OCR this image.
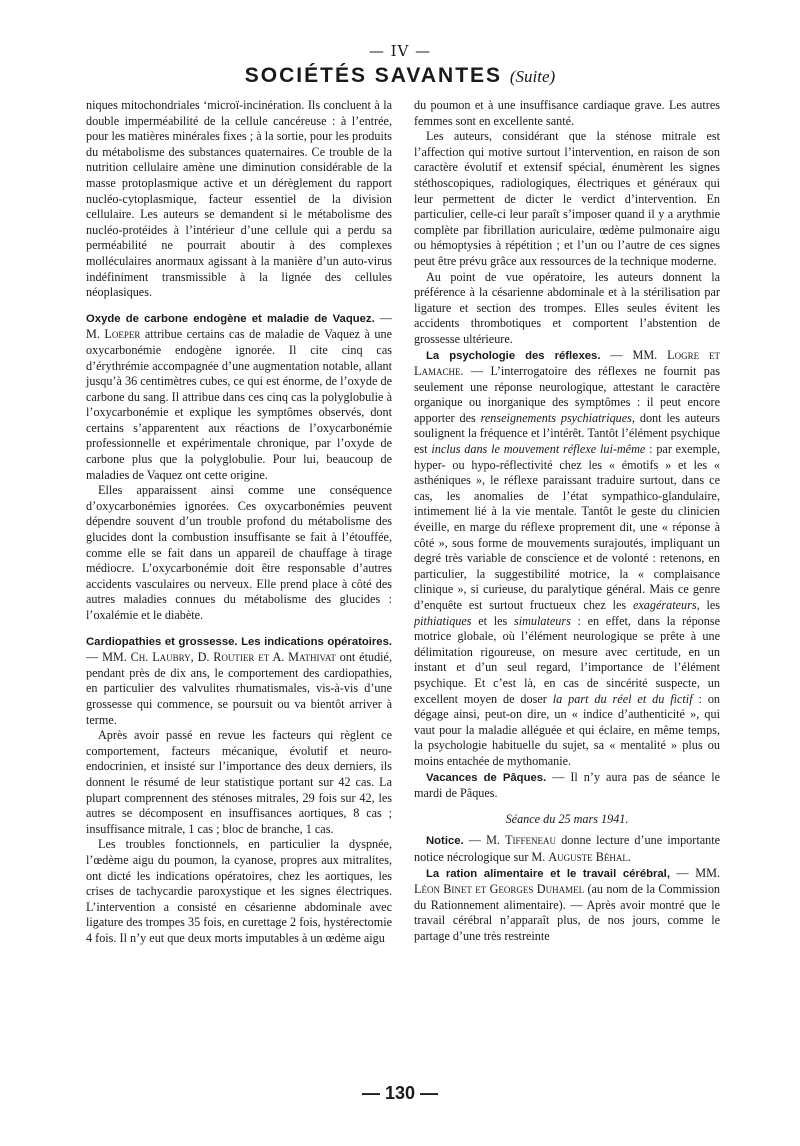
— IV —
SOCIÉTÉS SAVANTES (Suite)

niques mitochondriales ‘microï-incinération. Ils concluent à la double imperméabilité de la cellule cancéreuse : à l’entrée, pour les matières minérales fixes ; à la sortie, pour les produits du métabolisme des substances quaternaires. Ce trouble de la nutrition cellulaire amène une diminution considérable de la masse protoplasmique active et un dérèglement du rapport nucléo-cytoplasmique, facteur essentiel de la division cellulaire. Les auteurs se demandent si le métabolisme des nucléo-protéides à l’intérieur d’une cellule qui a perdu sa perméabilité ne pourrait aboutir à des complexes molléculaires anormaux agissant à la manière d’un auto-virus indéfiniment transmissible à la lignée des cellules néoplasiques.

Oxyde de carbone endogène et maladie de Vaquez. — M. Loeper attribue certains cas de maladie de Vaquez à une oxycarbonémie endogène ignorée. Il cite cinq cas d’érythrémie accompagnée d’une augmentation notable, allant jusqu’à 36 centimètres cubes, ce qui est énorme, de l’oxyde de carbone du sang. Il attribue dans ces cinq cas la polyglobulie à l’oxycarbonémie et explique les symptômes observés, dont certains s’apparentent aux réactions de l’oxycarbonémie professionnelle et expérimentale chronique, par l’oxyde de carbone plus que la polyglobulie. Pour lui, beaucoup de maladies de Vaquez ont cette origine.

Elles apparaissent ainsi comme une conséquence d’oxycarbonémies ignorées. Ces oxycarbonémies peuvent dépendre souvent d’un trouble profond du métabolisme des glucides dont la combustion insuffisante se fait à l’étouffée, comme elle se fait dans un appareil de chauffage à tirage médiocre. L’oxycarbonémie doit être responsable d’autres accidents vasculaires ou nerveux. Elle prend place à côté des autres maladies connues du métabolisme des glucides : l’oxalémie et le diabète.

Cardiopathies et grossesse. Les indications opératoires. — MM. Ch. Laubry, D. Routier et A. Mathivat ont étudié, pendant près de dix ans, le comportement des cardiopathies, en particulier des valvulites rhumatismales, vis-à-vis d’une grossesse qui commence, se poursuit ou va bientôt arriver à terme.

Après avoir passé en revue les facteurs qui règlent ce comportement, facteurs mécanique, évolutif et neuro-endocrinien, et insisté sur l’importance des deux derniers, ils donnent le résumé de leur statistique portant sur 42 cas. La plupart comprennent des sténoses mitrales, 29 fois sur 42, les autres se décomposent en insuffisances aortiques, 8 cas ; insuffisance mitrale, 1 cas ; bloc de branche, 1 cas.

Les troubles fonctionnels, en particulier la dyspnée, l’œdème aigu du poumon, la cyanose, propres aux mitralites, ont dicté les indications opératoires, chez les aortiques, les crises de tachycardie paroxystique et les signes électriques. L’intervention a consisté en césarienne abdominale avec ligature des trompes 35 fois, en curettage 2 fois, hystérectomie 4 fois. Il n’y eut que deux morts imputables à un œdème aigu

du poumon et à une insuffisance cardiaque grave. Les autres femmes sont en excellente santé.

Les auteurs, considérant que la sténose mitrale est l’affection qui motive surtout l’intervention, en raison de son caractère évolutif et extensif spécial, énumèrent les signes stéthoscopiques, radiologiques, électriques et généraux qui leur permettent de dicter le verdict d’intervention. En particulier, celle-ci leur paraît s’imposer quand il y a arythmie complète par fibrillation auriculaire, œdème pulmonaire aigu ou hémoptysies à répétition ; et l’un ou l’autre de ces signes peut être prévu grâce aux ressources de la technique moderne.

Au point de vue opératoire, les auteurs donnent la préférence à la césarienne abdominale et à la stérilisation par ligature et section des trompes. Elles seules évitent les accidents thrombotiques et comportent l’abstention de grossesse ultérieure.

La psychologie des réflexes. — MM. Logre et Lamache. — L’interrogatoire des réflexes ne fournit pas seulement une réponse neurologique, attestant le caractère organique ou inorganique des symptômes : il peut encore apporter des renseignements psychiatriques, dont les auteurs soulignent la fréquence et l’intérêt. Tantôt l’élément psychique est inclus dans le mouvement réflexe lui-même : par exemple, hyper- ou hypo-réflectivité chez les « émotifs » et les « asthéniques », le réflexe paraissant traduire surtout, dans ce cas, les anomalies de l’état sympathico-glandulaire, intimement lié à la vie mentale. Tantôt le geste du clinicien éveille, en marge du réflexe proprement dit, une « réponse à côté », sous forme de mouvements surajoutés, impliquant un degré très variable de conscience et de volonté : retenons, en particulier, la suggestibilité motrice, la « complaisance clinique », si curieuse, du paralytique général. Mais ce genre d’enquête est surtout fructueux chez les exagérateurs, les pithiatiques et les simulateurs : en effet, dans la réponse motrice globale, où l’élément neurologique se prête à une délimitation rigoureuse, on mesure avec certitude, en un instant et d’un seul regard, l’importance de l’élément psychique. Et c’est là, en cas de sincérité suspecte, un excellent moyen de doser la part du réel et du fictif : on dégage ainsi, peut-on dire, un « indice d’authenticité », qui vaut pour la maladie alléguée et qui éclaire, en même temps, la psychologie habituelle du sujet, sa « mentalité » plus ou moins entachée de mythomanie.

Vacances de Pâques. — Il n’y aura pas de séance le mardi de Pâques.

Séance du 25 mars 1941.

Notice. — M. Tiffeneau donne lecture d’une importante notice nécrologique sur M. Auguste Béhal.

La ration alimentaire et le travail cérébral, — MM. Léon Binet et Georges Duhamel (au nom de la Commission du Rationnement alimentaire). — Après avoir montré que le travail cérébral n’apparaît plus, de nos jours, comme le partage d’une très restreinte

— 130 —
